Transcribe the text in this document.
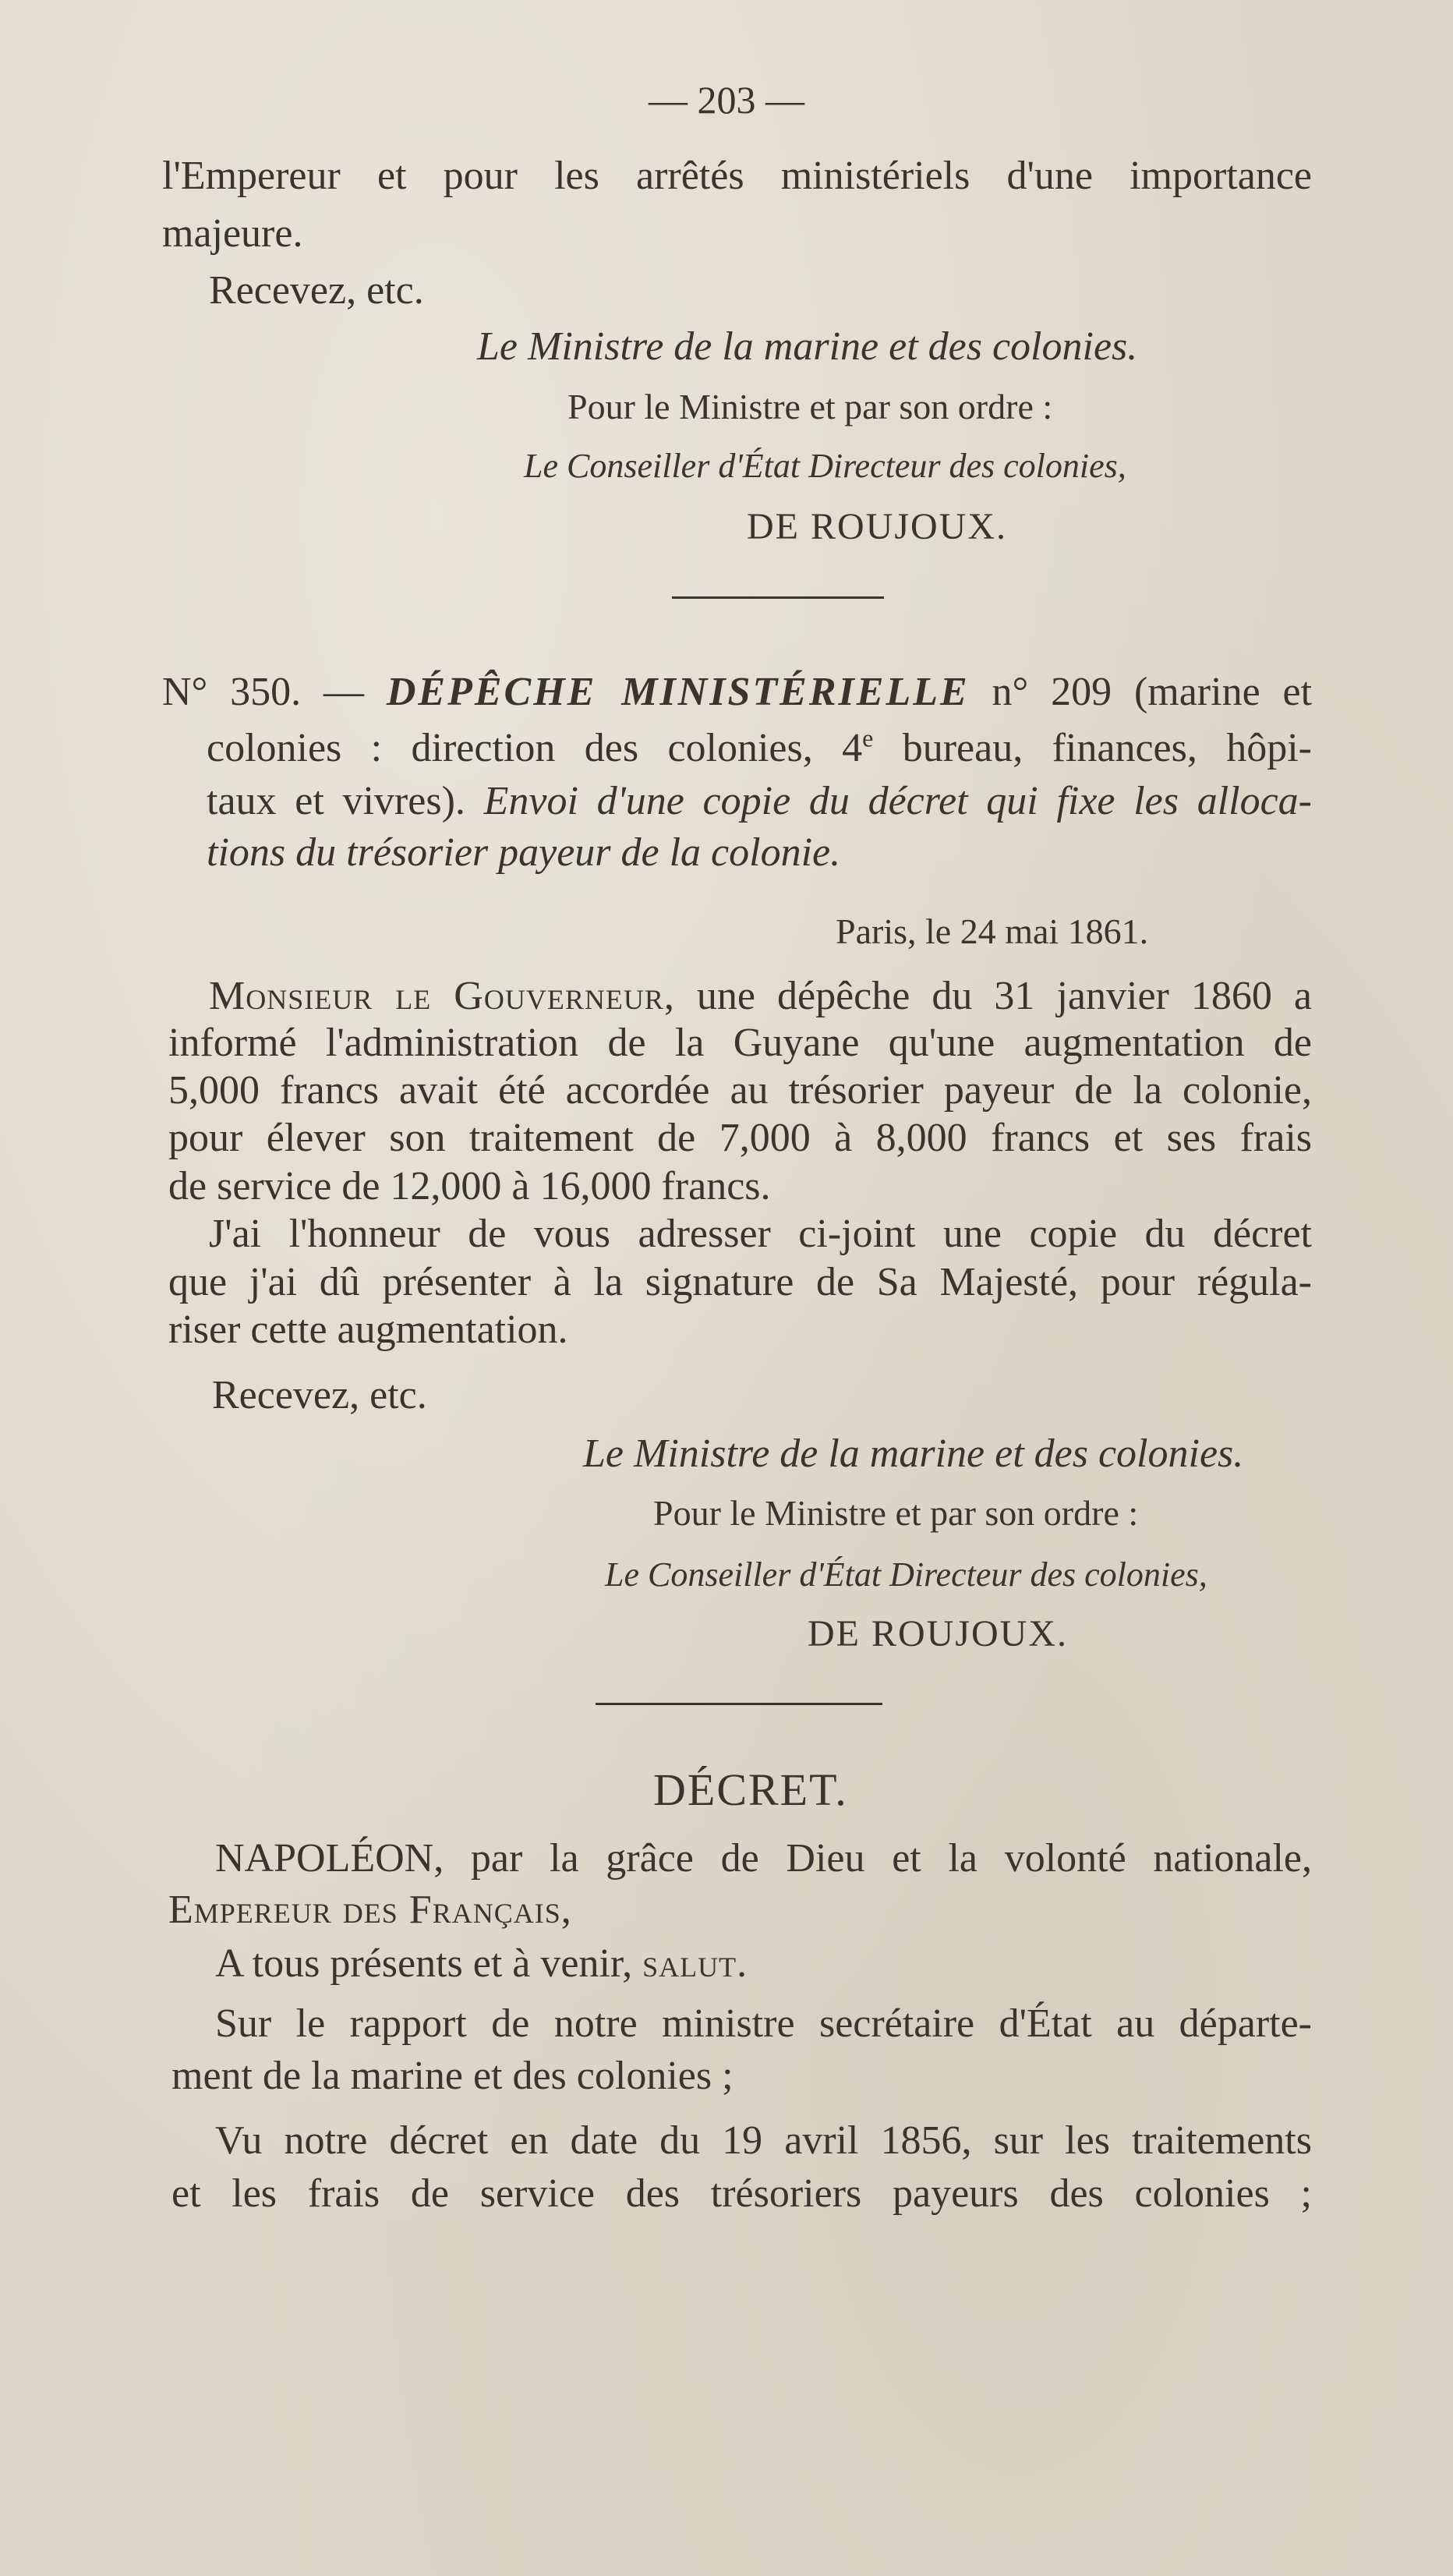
— 203 —
l'Empereur et pour les arrêtés ministériels d'une importance
majeure.
Recevez, etc.
Le Ministre de la marine et des colonies.
Pour le Ministre et par son ordre :
Le Conseiller d'État Directeur des colonies,
DE ROUJOUX.
N° 350. — DÉPÊCHE MINISTÉRIELLE n° 209 (marine et
colonies : direction des colonies, 4e bureau, finances, hôpi-
taux et vivres). Envoi d'une copie du décret qui fixe les alloca-
tions du trésorier payeur de la colonie.
Paris, le 24 mai 1861.
Monsieur le Gouverneur, une dépêche du 31 janvier 1860 a
informé l'administration de la Guyane qu'une augmentation de
5,000 francs avait été accordée au trésorier payeur de la colonie,
pour élever son traitement de 7,000 à 8,000 francs et ses frais
de service de 12,000 à 16,000 francs.
J'ai l'honneur de vous adresser ci-joint une copie du décret
que j'ai dû présenter à la signature de Sa Majesté, pour régula-
riser cette augmentation.
Recevez, etc.
Le Ministre de la marine et des colonies.
Pour le Ministre et par son ordre :
Le Conseiller d'État Directeur des colonies,
DE ROUJOUX.
DÉCRET.
NAPOLÉON, par la grâce de Dieu et la volonté nationale,
Empereur des Français,
A tous présents et à venir, salut.
Sur le rapport de notre ministre secrétaire d'État au départe-
ment de la marine et des colonies ;
Vu notre décret en date du 19 avril 1856, sur les traitements
et les frais de service des trésoriers payeurs des colonies ;
